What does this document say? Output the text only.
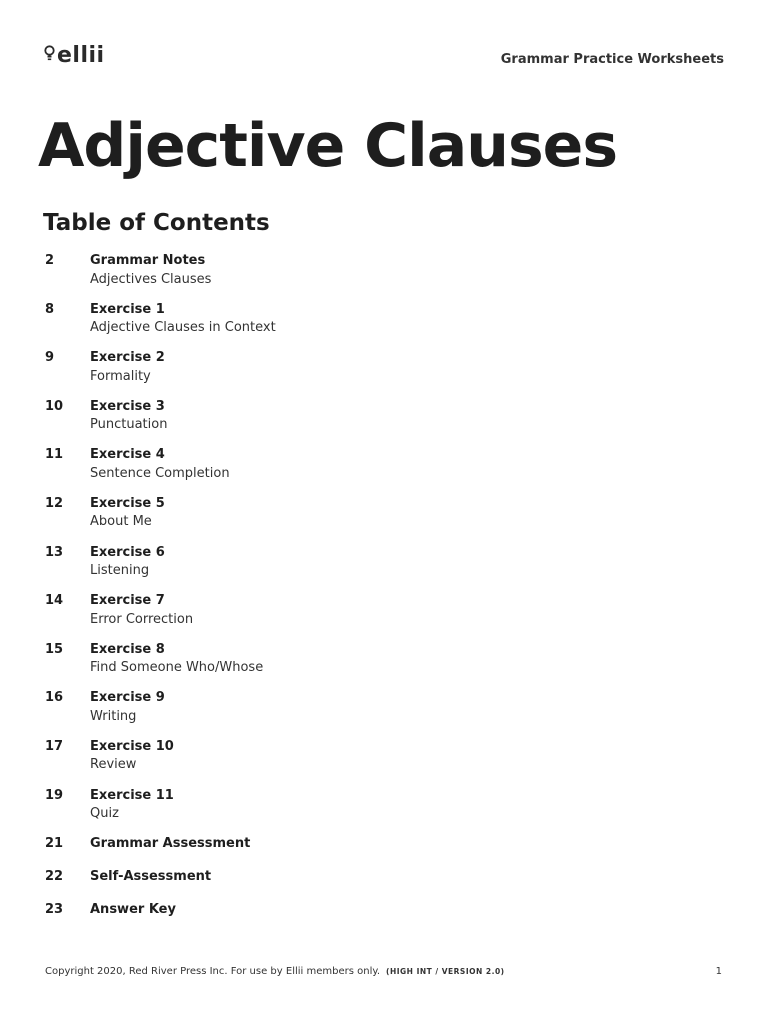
ellii	Grammar Practice Worksheets
Adjective Clauses
Table of Contents
2	Grammar Notes
Adjectives Clauses
8	Exercise 1
Adjective Clauses in Context
9	Exercise 2
Formality
10	Exercise 3
Punctuation
11	Exercise 4
Sentence Completion
12	Exercise 5
About Me
13	Exercise 6
Listening
14	Exercise 7
Error Correction
15	Exercise 8
Find Someone Who/Whose
16	Exercise 9
Writing
17	Exercise 10
Review
19	Exercise 11
Quiz
21	Grammar Assessment
22	Self-Assessment
23	Answer Key
Copyright 2020, Red River Press Inc. For use by Ellii members only. (HIGH INT / VERSION 2.0)	1
